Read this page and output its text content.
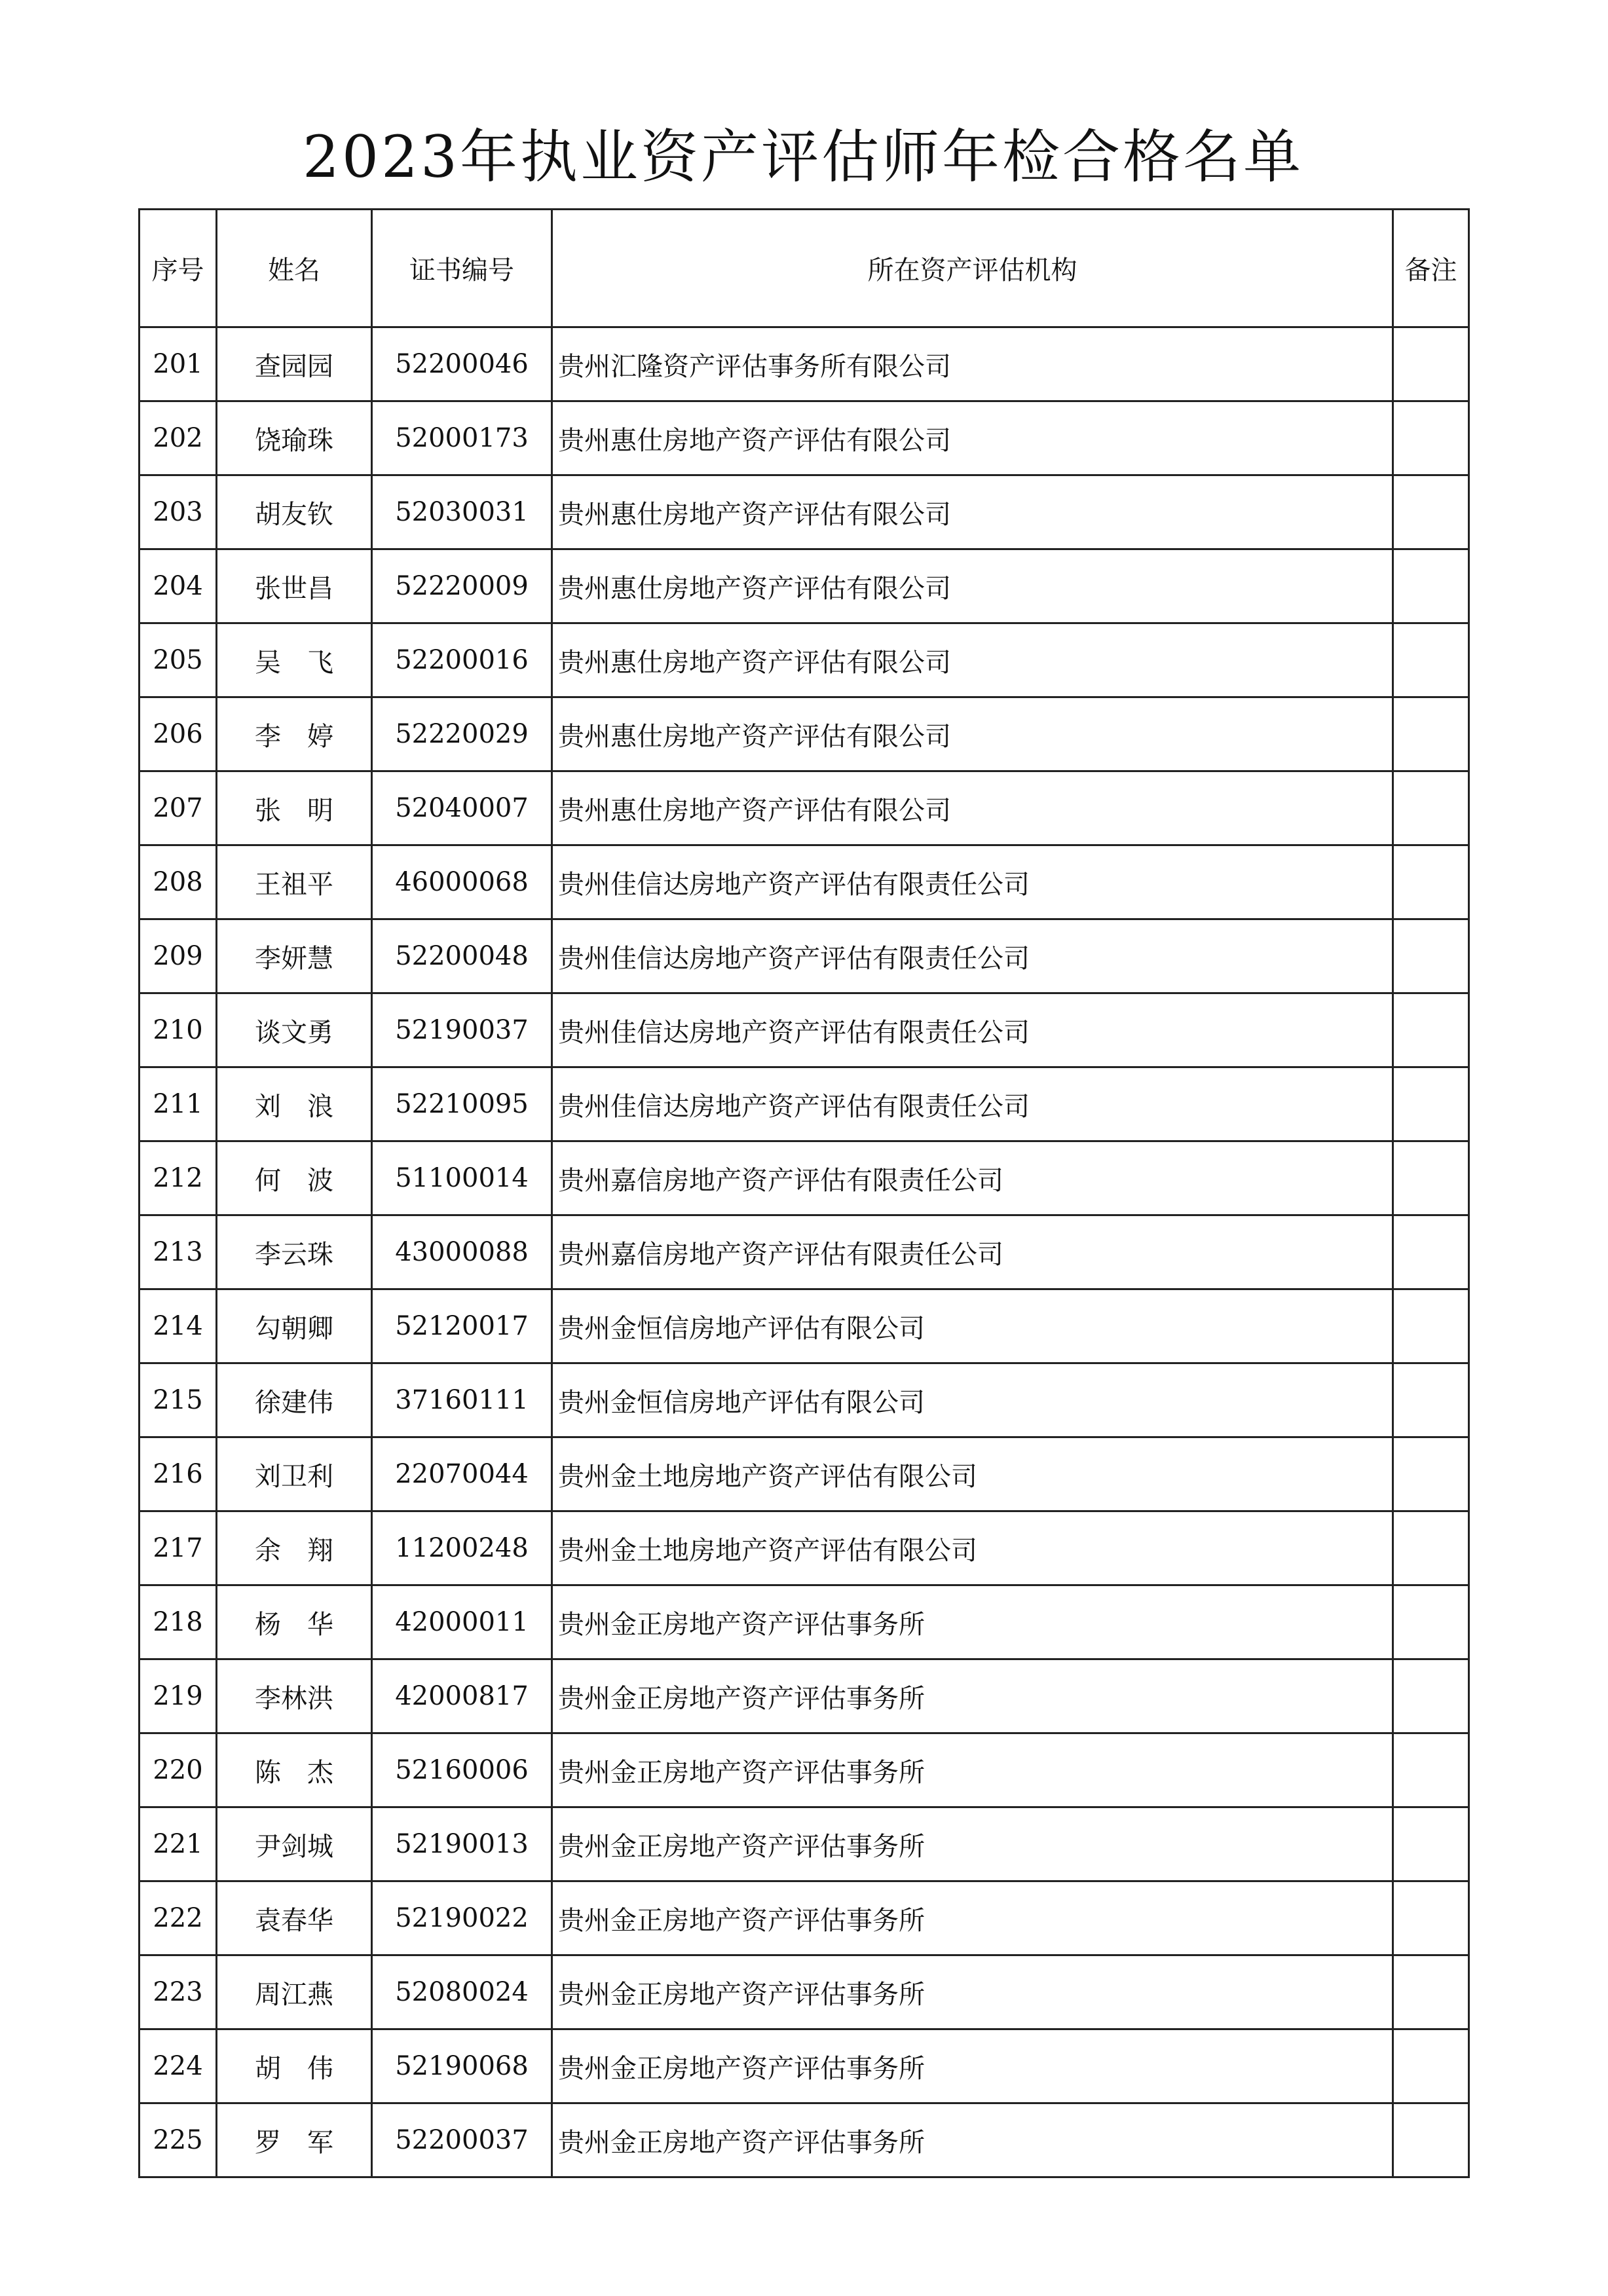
2023年执业资产评估师年检合格名单
序号	姓名	证书编号	所在资产评估机构	备注
201	查园园	52200046	贵州汇隆资产评估事务所有限公司	
202	饶瑜珠	52000173	贵州惠仕房地产资产评估有限公司	
203	胡友钦	52030031	贵州惠仕房地产资产评估有限公司	
204	张世昌	52220009	贵州惠仕房地产资产评估有限公司	
205	吴　飞	52200016	贵州惠仕房地产资产评估有限公司	
206	李　婷	52220029	贵州惠仕房地产资产评估有限公司	
207	张　明	52040007	贵州惠仕房地产资产评估有限公司	
208	王祖平	46000068	贵州佳信达房地产资产评估有限责任公司	
209	李妍慧	52200048	贵州佳信达房地产资产评估有限责任公司	
210	谈文勇	52190037	贵州佳信达房地产资产评估有限责任公司	
211	刘　浪	52210095	贵州佳信达房地产资产评估有限责任公司	
212	何　波	51100014	贵州嘉信房地产资产评估有限责任公司	
213	李云珠	43000088	贵州嘉信房地产资产评估有限责任公司	
214	勾朝卿	52120017	贵州金恒信房地产评估有限公司	
215	徐建伟	37160111	贵州金恒信房地产评估有限公司	
216	刘卫利	22070044	贵州金土地房地产资产评估有限公司	
217	余　翔	11200248	贵州金土地房地产资产评估有限公司	
218	杨　华	42000011	贵州金正房地产资产评估事务所	
219	李林洪	42000817	贵州金正房地产资产评估事务所	
220	陈　杰	52160006	贵州金正房地产资产评估事务所	
221	尹剑城	52190013	贵州金正房地产资产评估事务所	
222	袁春华	52190022	贵州金正房地产资产评估事务所	
223	周江燕	52080024	贵州金正房地产资产评估事务所	
224	胡　伟	52190068	贵州金正房地产资产评估事务所	
225	罗　军	52200037	贵州金正房地产资产评估事务所	
